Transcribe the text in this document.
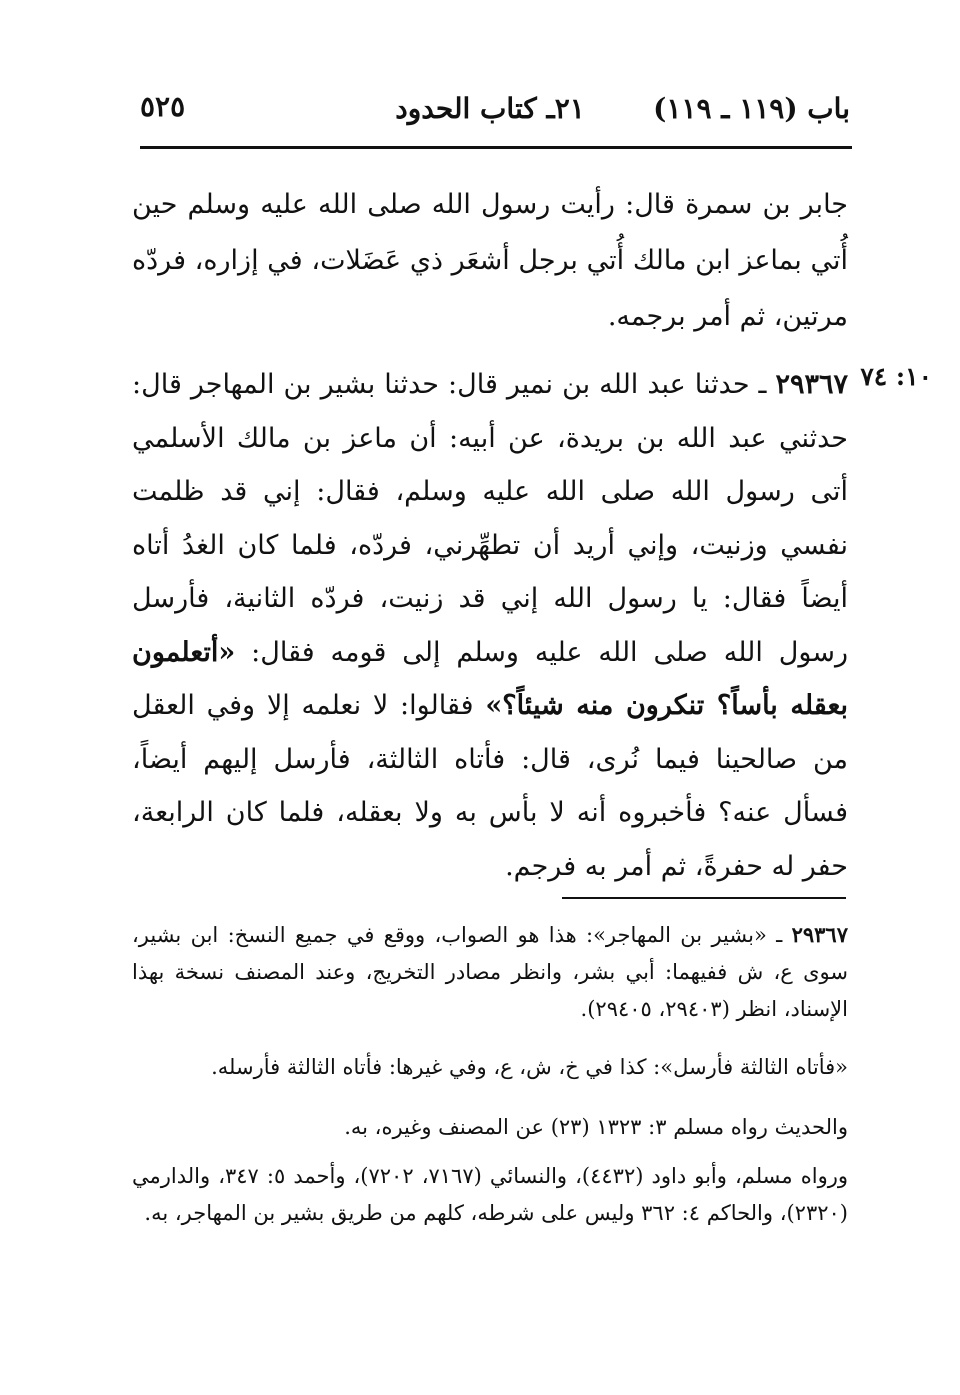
باب (١١٩ ـ ١١٩)
٢١ـ كتاب الحدود
٥٢٥
١٠: ٧٤

جابر بن سمرة قال: رأيت رسول الله صلى الله عليه وسلم حين أُتي بماعز ابن مالك أُتي برجل أشعَر ذي عَضَلات، في إزاره، فردّه مرتين، ثم أمر برجمه.

٢٩٣٦٧ ـ حدثنا عبد الله بن نمير قال: حدثنا بشير بن المهاجر قال: حدثني عبد الله بن بريدة، عن أبيه: أن ماعز بن مالك الأسلمي أتى رسول الله صلى الله عليه وسلم، فقال: إني قد ظلمت نفسي وزنيت، وإني أريد أن تطهِّرني، فردّه، فلما كان الغدُ أتاه أيضاً فقال: يا رسول الله إني قد زنيت، فردّه الثانية، فأرسل رسول الله صلى الله عليه وسلم إلى قومه فقال: «أتعلمون بعقله بأساً؟ تنكرون منه شيئاً؟» فقالوا: لا نعلمه إلا وفي العقل من صالحينا فيما نُرى، قال: فأتاه الثالثة، فأرسل إليهم أيضاً، فسأل عنه؟ فأخبروه أنه لا بأس به ولا بعقله، فلما كان الرابعة، حفر له حفرةً، ثم أمر به فرجم.

٢٩٣٦٧ ـ «بشير بن المهاجر»: هذا هو الصواب، ووقع في جميع النسخ: ابن بشير، سوى ع، ش ففيهما: أبي بشر، وانظر مصادر التخريج، وعند المصنف نسخة بهذا الإسناد، انظر (٢٩٤٠٣، ٢٩٤٠٥).

«فأتاه الثالثة فأرسل»: كذا في خ، ش، ع، وفي غيرها: فأتاه الثالثة فأرسله.

والحديث رواه مسلم ٣: ١٣٢٣ (٢٣) عن المصنف وغيره، به.

ورواه مسلم، وأبو داود (٤٤٣٢)، والنسائي (٧١٦٧، ٧٢٠٢)، وأحمد ٥: ٣٤٧، والدارمي (٢٣٢٠)، والحاكم ٤: ٣٦٢ وليس على شرطه، كلهم من طريق بشير بن المهاجر، به.
